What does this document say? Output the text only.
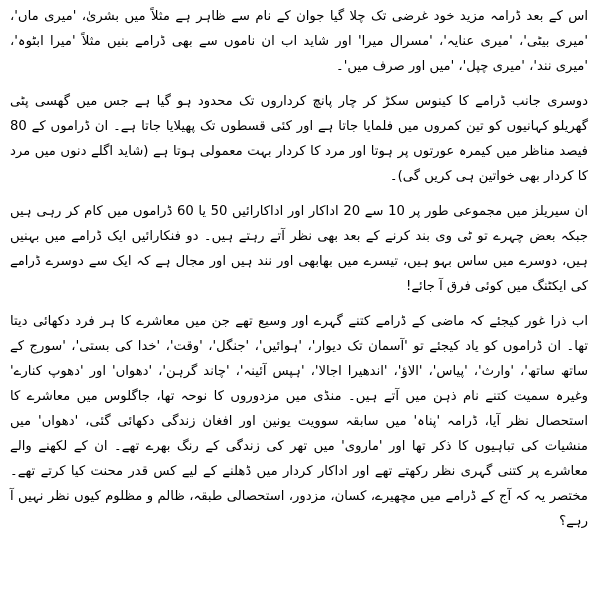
اس کے بعد ڈرامہ مزید خود غرضی تک چلا گیا جوان کے نام سے ظاہر ہے مثلاً میں بشریٰ، 'میری ماں'، 'میری بیٹی'، 'میری عنایہ'، 'مسرال میرا' اور شاید اب ان ناموں سے بھی ڈرامے بنیں مثلاً 'میرا ابٹوہ'، 'میری نند'، 'میری چپل'، 'میں اور صرف میں'۔

دوسری جانب ڈرامے کا کینوس سکڑ کر چار پانچ کرداروں تک محدود ہو گیا ہے جس میں گھسی پٹی گھریلو کہانیوں کو تین کمروں میں فلمایا جاتا ہے اور کئی قسطوں تک پھیلایا جاتا ہے۔ ان ڈراموں کے 80 فیصد مناظر میں کیمرہ عورتوں پر ہوتا اور مرد کا کردار بہت معمولی ہوتا ہے (شاید اگلے دنوں میں مرد کا کردار بھی خواتین ہی کریں گی)۔

ان سیریلز میں مجموعی طور پر 10 سے 20 اداکار اور اداکارائیں 50 یا 60 ڈراموں میں کام کر رہی ہیں جبکہ بعض چہرے تو ٹی وی بند کرنے کے بعد بھی نظر آتے رہتے ہیں۔ دو فنکارائیں ایک ڈرامے میں بہنیں ہیں، دوسرے میں ساس بہو ہیں، تیسرے میں بھابھی اور نند ہیں اور مجال ہے کہ ایک سے دوسرے ڈرامے کی ایکٹنگ میں کوئی فرق آ جائے!

اب ذرا غور کیجئے کہ ماضی کے ڈرامے کتنے گہرے اور وسیع تھے جن میں معاشرے کا ہر فرد دکھائی دیتا تھا۔ ان ڈراموں کو یاد کیجئے تو 'آسمان تک دیوار'، 'ہوائیں'، 'جنگل'، 'وقت'، 'خدا کی بستی'، 'سورج کے ساتھ ساتھ'، 'وارث'، 'پیاس'، 'الاؤ'، 'اندھیرا اجالا'، 'ہپس آئینہ'، 'چاند گرہن'، 'دھواں' اور 'دھوپ کنارے' وغیرہ سمیت کتنے نام ذہن میں آتے ہیں۔ منڈی میں مزدوروں کا نوحہ تھا، جاگلوس میں معاشرے کا استحصال نظر آیا، ڈرامہ 'پناہ' میں سابقہ سوویت یونین اور افغان زندگی دکھائی گئی، 'دھواں' میں منشیات کی تباہیوں کا ذکر تھا اور 'ماروی' میں تھر کی زندگی کے رنگ بھرے تھے۔ ان کے لکھنے والے معاشرے پر کتنی گہری نظر رکھتے تھے اور اداکار کردار میں ڈھلنے کے لیے کس قدر محنت کیا کرتے تھے۔ مختصر یہ کہ آج کے ڈرامے میں مچھیرے، کسان، مزدور، استحصالی طبقہ، ظالم و مظلوم کیوں نظر نہیں آ رہے؟
